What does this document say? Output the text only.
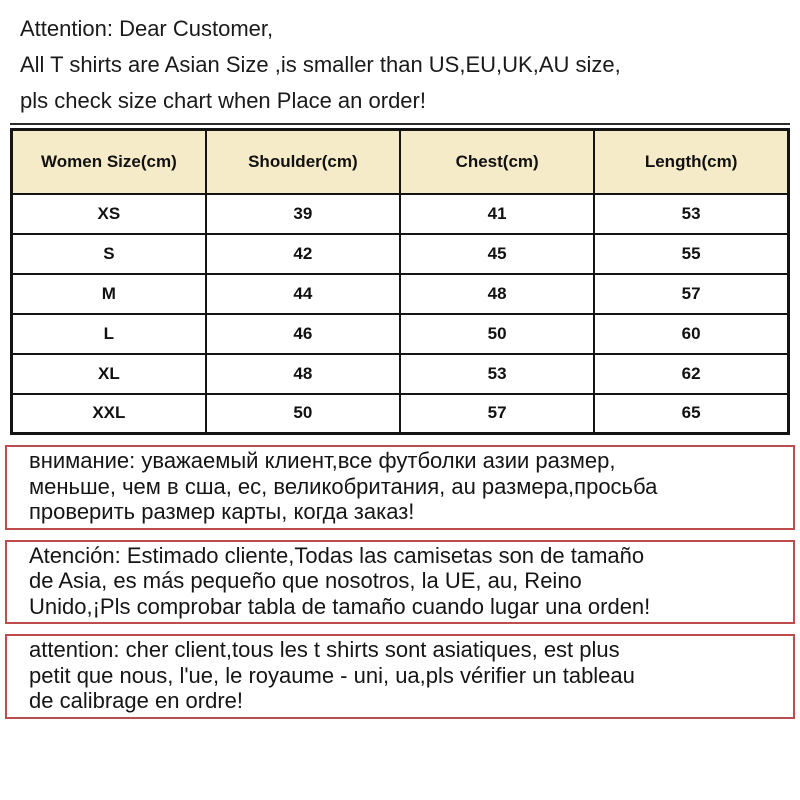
Attention: Dear Customer,
All T shirts are Asian Size ,is smaller than US,EU,UK,AU size,
pls check size chart when Place an order!
Women Size(cm)	Shoulder(cm)	Chest(cm)	Length(cm)
XS	39	41	53
S	42	45	55
M	44	48	57
L	46	50	60
XL	48	53	62
XXL	50	57	65
внимание: уважаемый клиент,все футболки азии размер,
меньше, чем в сша, ес, великобритания, au размера,просьба
проверить размер карты, когда заказ!
Atención: Estimado cliente,Todas las camisetas son de tamaño
de Asia, es más pequeño que nosotros, la UE, au, Reino
Unido,¡Pls comprobar tabla de tamaño cuando lugar una orden!
attention: cher client,tous les t shirts sont asiatiques, est plus
petit que nous, l'ue, le royaume - uni, ua,pls vérifier un tableau
de calibrage en ordre!
